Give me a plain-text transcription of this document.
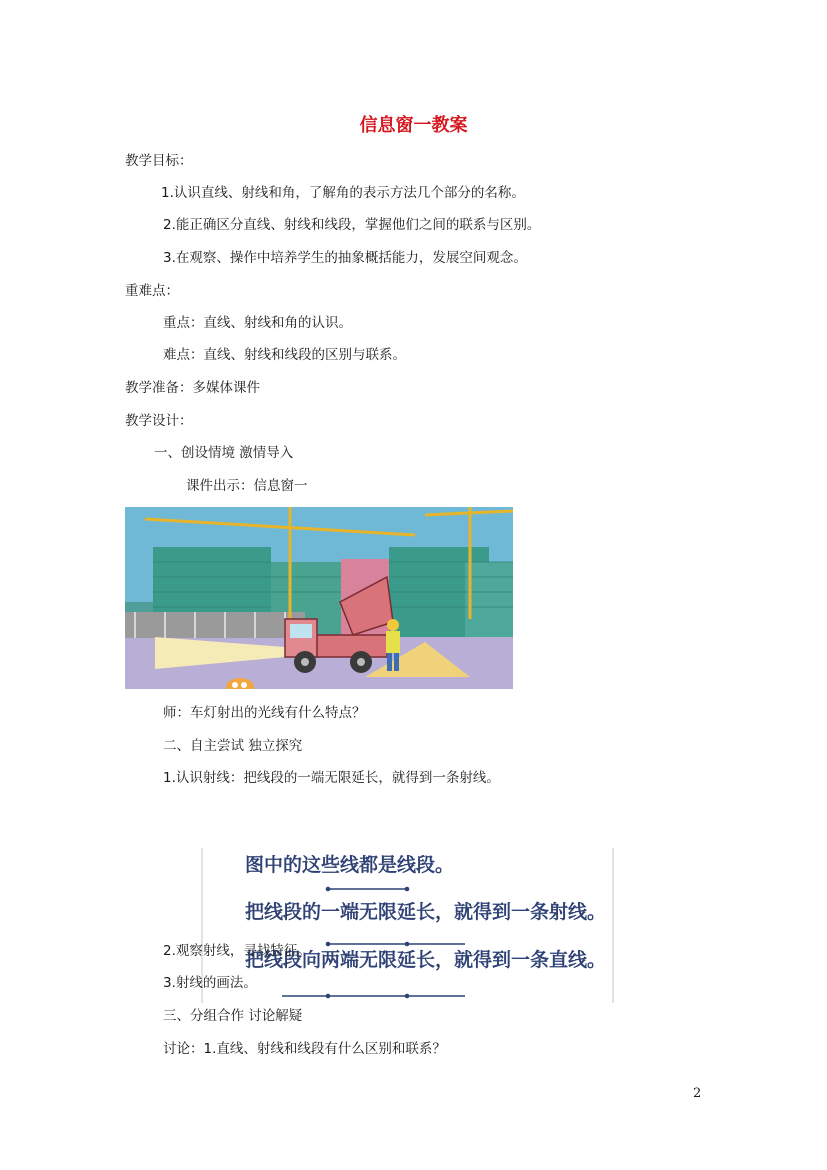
信息窗一教案
教学目标：
1.认识直线、射线和角，了解角的表示方法几个部分的名称。
2.能正确区分直线、射线和线段，掌握他们之间的联系与区别。
3.在观察、操作中培养学生的抽象概括能力，发展空间观念。
重难点：
重点：直线、射线和角的认识。
难点：直线、射线和线段的区别与联系。
教学准备：多媒体课件
教学设计：
一、创设情境 激情导入
课件出示：信息窗一
师：车灯射出的光线有什么特点？
二、自主尝试 独立探究
1.认识射线：把线段的一端无限延长，就得到一条射线。
图中的这些线都是线段。
把线段的一端无限延长，就得到一条射线。
把线段向两端无限延长，就得到一条直线。
2.观察射线，寻找特征。
3.射线的画法。
三、分组合作 讨论解疑
讨论：1.直线、射线和线段有什么区别和联系？
2
